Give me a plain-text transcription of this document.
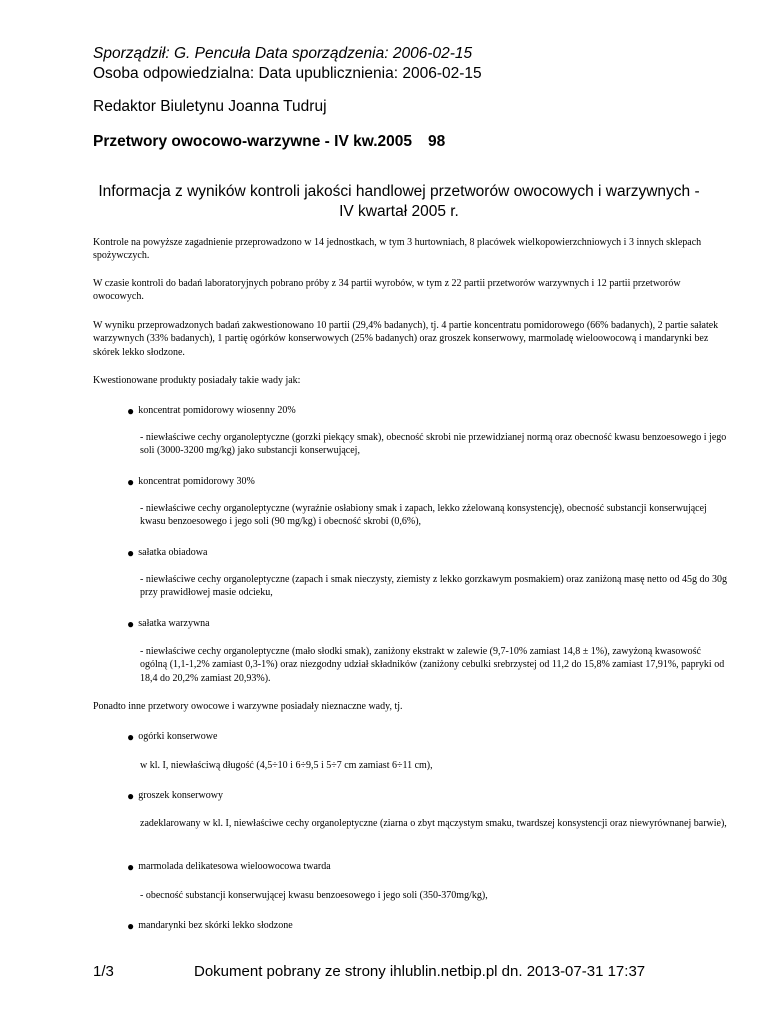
Sporządził: G. Pencuła Data sporządzenia: 2006-02-15
Osoba odpowiedzialna: Data upublicznienia: 2006-02-15
Redaktor Biuletynu Joanna Tudruj
Przetwory owocowo-warzywne - IV kw.2005 98
Informacja z wyników kontroli jakości handlowej przetworów owocowych i warzywnych - IV kwartał 2005 r.
Kontrole na powyższe zagadnienie przeprowadzono w 14 jednostkach, w tym 3 hurtowniach, 8 placówek wielkopowierzchniowych i 3 innych sklepach spożywczych.
W czasie kontroli do badań laboratoryjnych pobrano próby z 34 partii wyrobów, w tym z 22 partii przetworów warzywnych i 12 partii przetworów owocowych.
W wyniku przeprowadzonych badań zakwestionowano 10 partii (29,4% badanych), tj. 4 partie koncentratu pomidorowego (66% badanych), 2 partie sałatek warzywnych (33% badanych), 1 partię ogórków konserwowych (25% badanych) oraz groszek konserwowy, marmoladę wieloowocową i mandarynki bez skórek lekko słodzone.
Kwestionowane produkty posiadały takie wady jak:
● koncentrat pomidorowy wiosenny 20%
- niewłaściwe cechy organoleptyczne (gorzki piekący smak), obecność skrobi nie przewidzianej normą oraz obecność kwasu benzoesowego i jego soli (3000-3200 mg/kg) jako substancji konserwującej,
● koncentrat pomidorowy 30%
- niewłaściwe cechy organoleptyczne (wyraźnie osłabiony smak i zapach, lekko zżelowaną konsystencję), obecność substancji konserwującej kwasu benzoesowego i jego soli (90 mg/kg) i obecność skrobi (0,6%),
● sałatka obiadowa
- niewłaściwe cechy organoleptyczne (zapach i smak nieczysty, ziemisty z lekko gorzkawym posmakiem) oraz zaniżoną masę netto od 45g do 30g przy prawidłowej masie odcieku,
● sałatka warzywna
- niewłaściwe cechy organoleptyczne (mało słodki smak), zaniżony ekstrakt w zalewie (9,7-10% zamiast 14,8 ± 1%), zawyżoną kwasowość ogólną (1,1-1,2% zamiast 0,3-1%) oraz niezgodny udział składników (zaniżony cebulki srebrzystej od 11,2 do 15,8% zamiast 17,91%, papryki od 18,4 do 20,2% zamiast 20,93%).
Ponadto inne przetwory owocowe i warzywne posiadały nieznaczne wady, tj.
● ogórki konserwowe
w kl. I, niewłaściwą długość (4,5÷10 i 6÷9,5 i 5÷7 cm zamiast 6÷11 cm),
● groszek konserwowy
zadeklarowany w kl. I, niewłaściwe cechy organoleptyczne (ziarna o zbyt mączystym smaku, twardszej konsystencji oraz niewyrównanej barwie),
● marmolada delikatesowa wieloowocowa twarda
- obecność substancji konserwującej kwasu benzoesowego i jego soli (350-370mg/kg),
● mandarynki bez skórki lekko słodzone
1/3	Dokument pobrany ze strony ihlublin.netbip.pl dn. 2013-07-31 17:37
